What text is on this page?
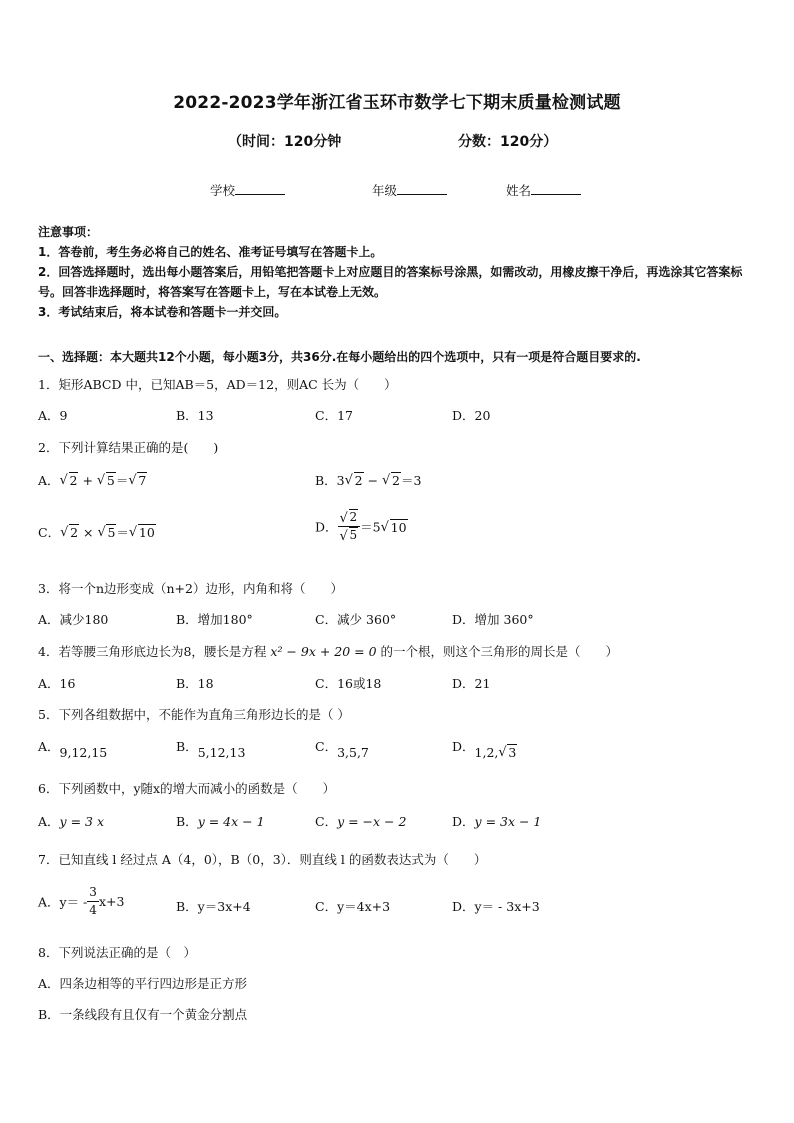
2022-2023学年浙江省玉环市数学七下期末质量检测试题
（时间：120分钟	分数：120分）
学校	年级	姓名
注意事项：
1．答卷前，考生务必将自己的姓名、准考证号填写在答题卡上。
2．回答选择题时，选出每小题答案后，用铅笔把答题卡上对应题目的答案标号涂黑，如需改动，用橡皮擦干净后，再选涂其它答案标号。回答非选择题时，将答案写在答题卡上，写在本试卷上无效。
3．考试结束后，将本试卷和答题卡一并交回。
一、选择题：本大题共12个小题，每小题3分，共36分.在每小题给出的四个选项中，只有一项是符合题目要求的.
1．矩形ABCD 中，已知AB＝5，AD＝12，则AC 长为（　　）
A．9	B．13	C．17	D．20
2．下列计算结果正确的是(　　)
A． √ 2 + √ 5＝ √ 7	B．3 √ 2 − √ 2＝3
C． √ 2 × √ 5＝ √ 10	D． $\frac{√ 2}{√ 5} =5$ √ 10
3．将一个n边形变成（n+2）边形，内角和将（　　）
A．减少180	B．增加180°	C．减少 360°	D．增加 360°
4．若等腰三角形底边长为8，腰长是方程 x² − 9x + 20 = 0 的一个根，则这个三角形的周长是（　　）
A．16	B．18	C．16或18	D．21
5．下列各组数据中，不能作为直角三角形边长的是（ ）
A．9,12,15	B．5,12,13	C．3,5,7	D．1,2, √ 3
6．下列函数中，y随x的增大而减小的函数是（　　）
A．y = 3 x	B．y = 4x − 1	C．y = −x − 2	D．y = 3x − 1
7．已知直线 l 经过点 A（4，0），B（0，3）．则直线 l 的函数表达式为（　　）
A．$y= - \frac{3}{4} x+3$	B．y＝3x+4	C．y＝4x+3	D．y＝ - 3x+3
8．下列说法正确的是（　）
A．四条边相等的平行四边形是正方形
B．一条线段有且仅有一个黄金分割点
